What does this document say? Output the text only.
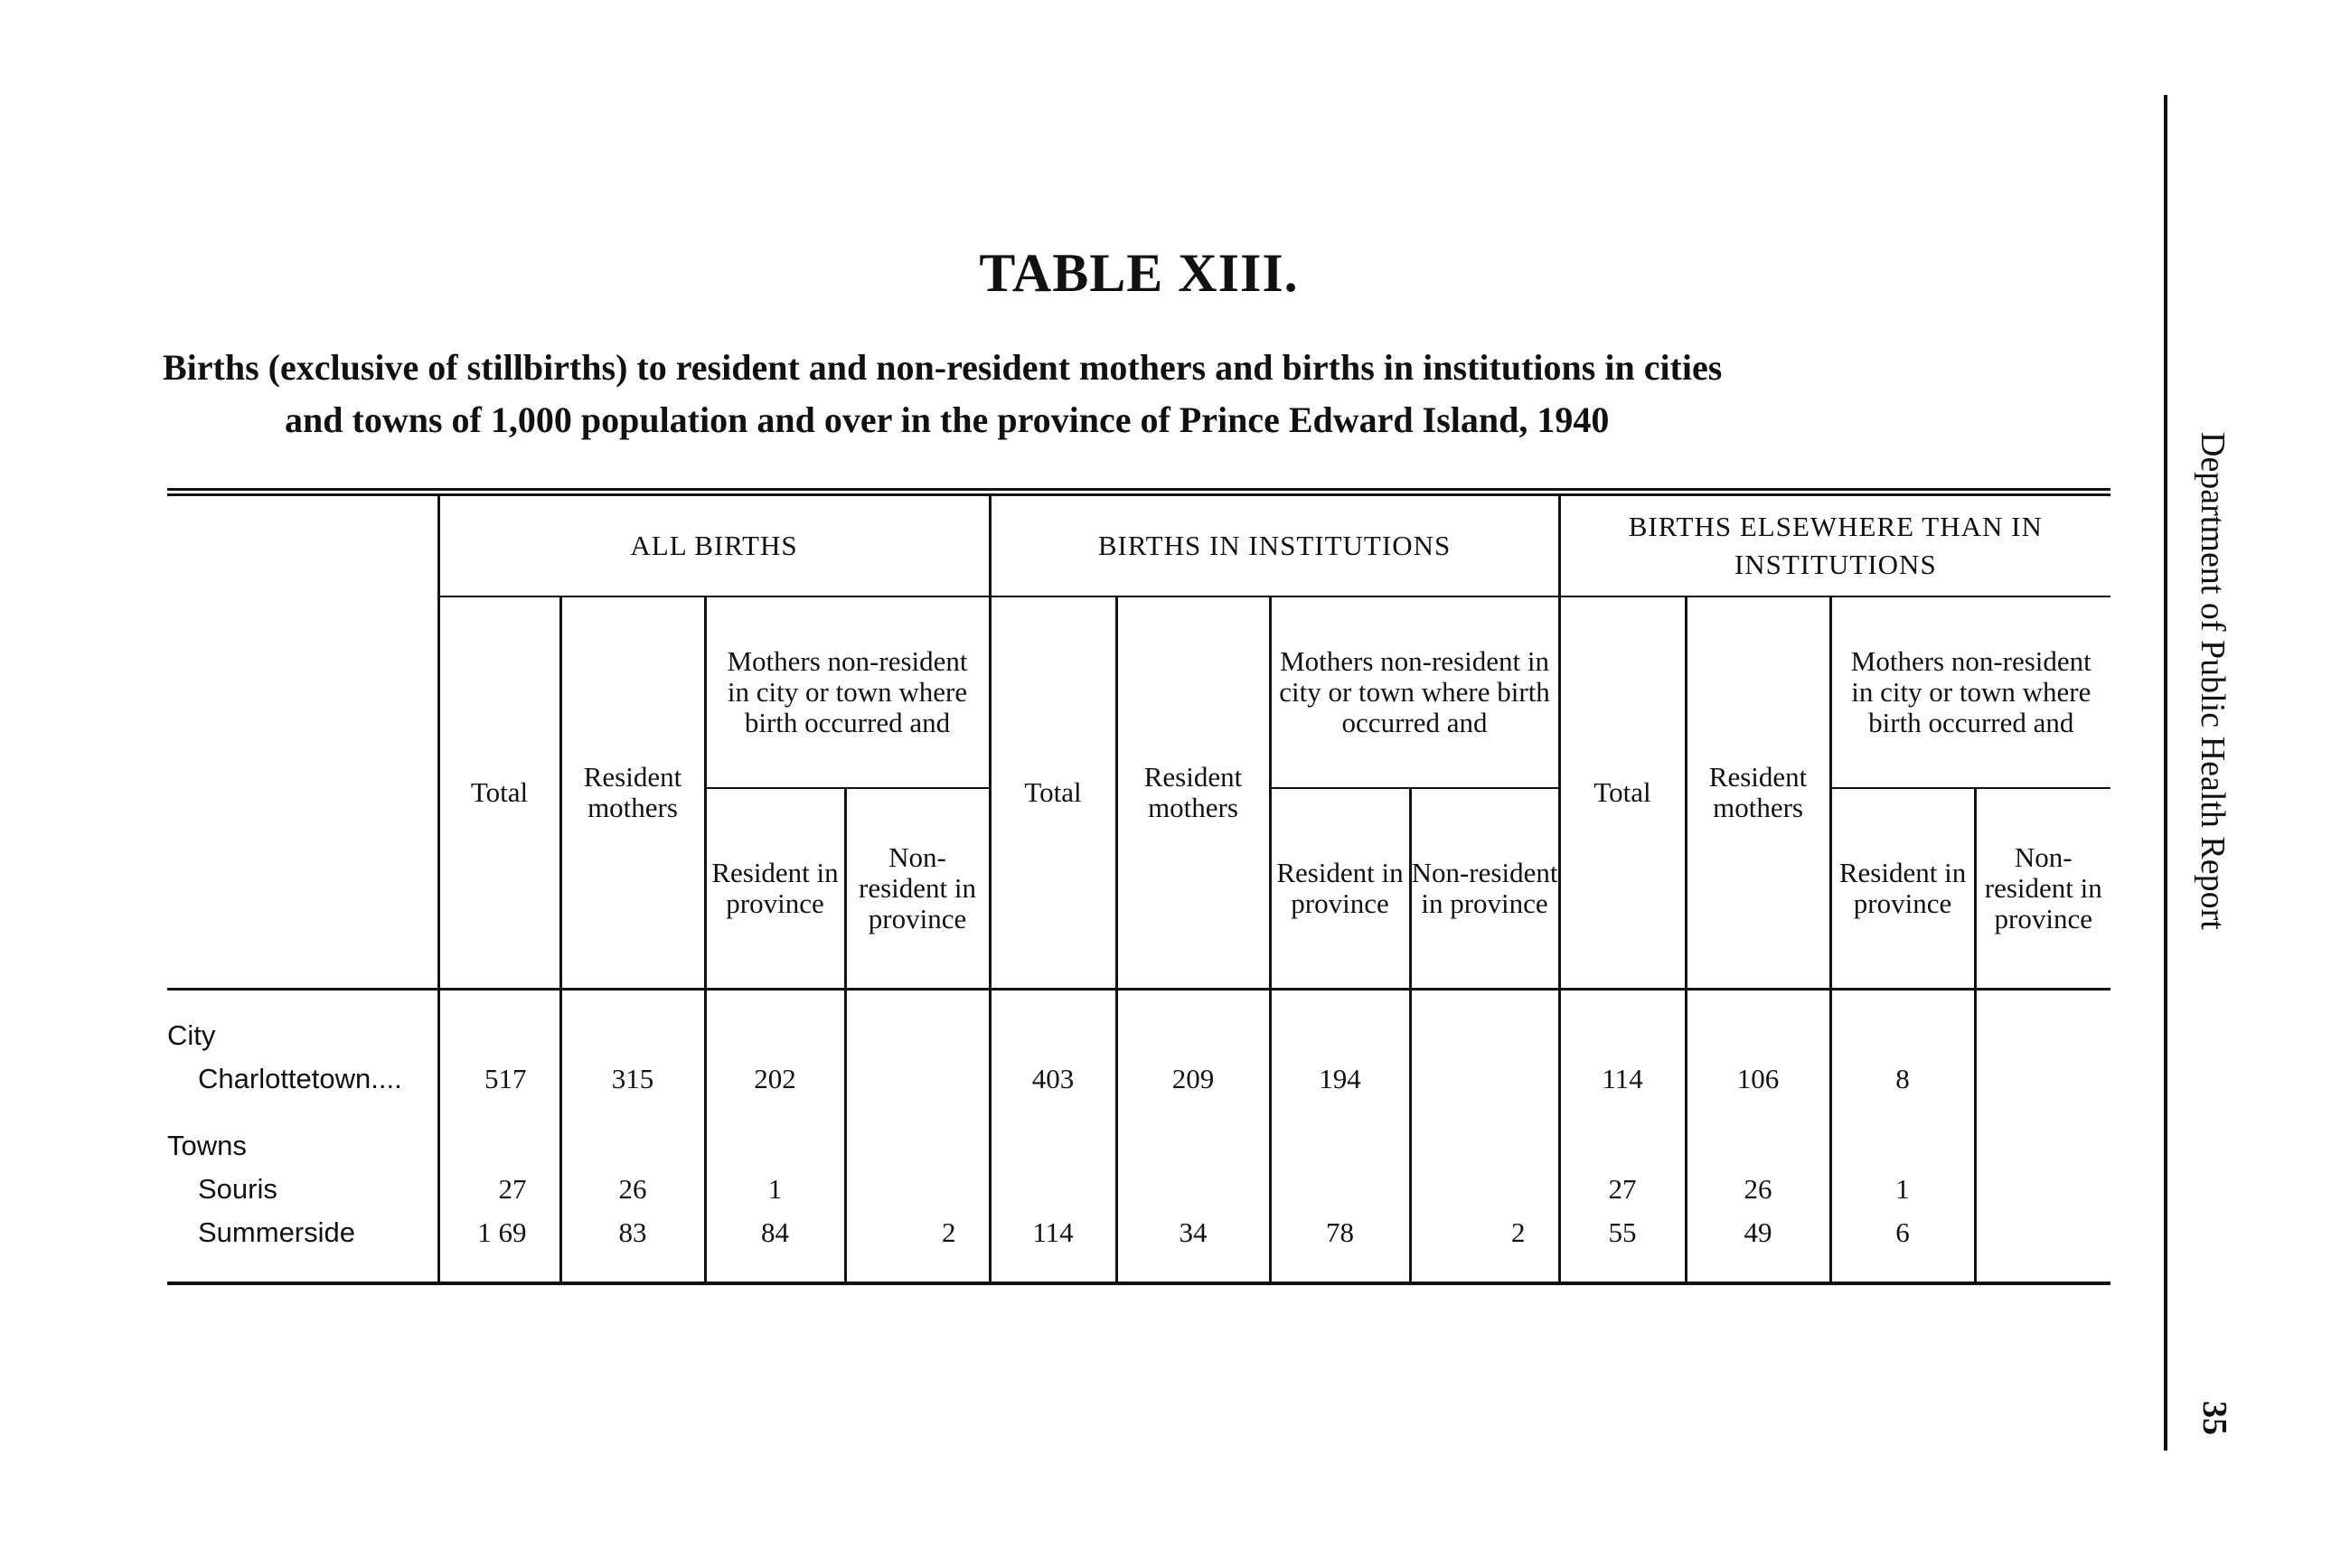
TABLE XIII.
Births (exclusive of stillbirths) to resident and non-resident mothers and births in institutions in cities
and towns of 1,000 population and over in the province of Prince Edward Island, 1940
	ALL BIRTHS				BIRTHS IN INSTITUTIONS				BIRTHS ELSEWHERE THAN IN INSTITUTIONS			
	Total	Resident mothers	Mothers non-resident in city or town where birth occurred and		Total	Resident mothers	Mothers non-resident in city or town where birth occurred and		Total	Resident mothers	Mothers non-resident in city or town where birth occurred and	
			Resident in province	Non-resident in province			Resident in province	Non-resident in province			Resident in province	Non-resident in province

City												
Charlottetown....	517	315	202		403	209	194		114	106	8	

Towns												
Souris	27	26	1						27	26	1	
Summerside	1 69	83	84	2	114	34	78	2	55	49	6	
Department of Public Health Report
35
